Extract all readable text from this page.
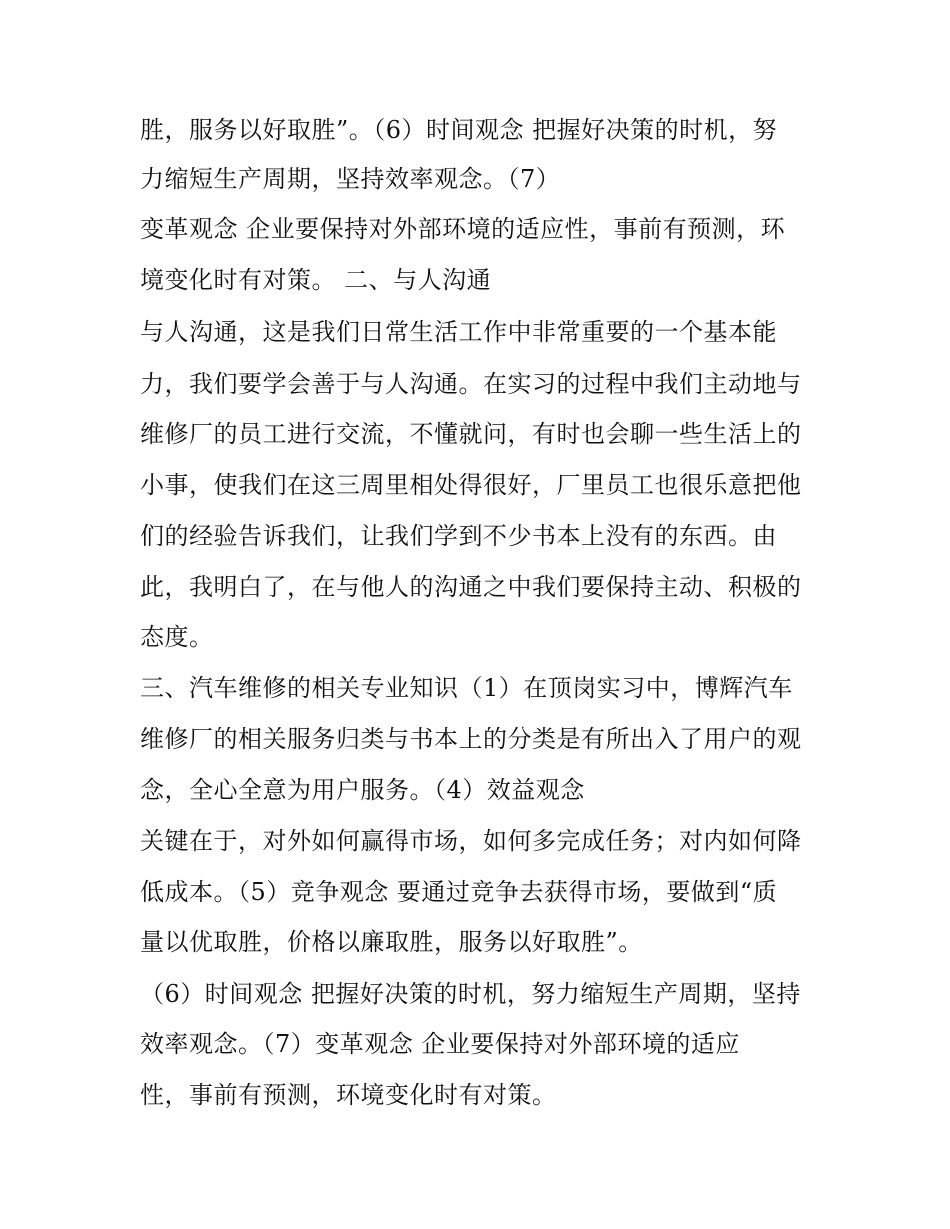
胜，服务以好取胜”。（6）时间观念 把握好决策的时机，努
力缩短生产周期，坚持效率观念。（7）
变革观念 企业要保持对外部环境的适应性，事前有预测，环
境变化时有对策。 二、与人沟通
与人沟通，这是我们日常生活工作中非常重要的一个基本能
力，我们要学会善于与人沟通。在实习的过程中我们主动地与
维修厂的员工进行交流，不懂就问，有时也会聊一些生活上的
小事，使我们在这三周里相处得很好，厂里员工也很乐意把他
们的经验告诉我们，让我们学到不少书本上没有的东西。由
此，我明白了，在与他人的沟通之中我们要保持主动、积极的
态度。
三、汽车维修的相关专业知识（1）在顶岗实习中，博辉汽车
维修厂的相关服务归类与书本上的分类是有所出入了用户的观
念，全心全意为用户服务。（4）效益观念
关键在于，对外如何赢得市场，如何多完成任务；对内如何降
低成本。（5）竞争观念 要通过竞争去获得市场，要做到“质
量以优取胜，价格以廉取胜，服务以好取胜”。
（6）时间观念 把握好决策的时机，努力缩短生产周期，坚持
效率观念。（7）变革观念 企业要保持对外部环境的适应
性，事前有预测，环境变化时有对策。
